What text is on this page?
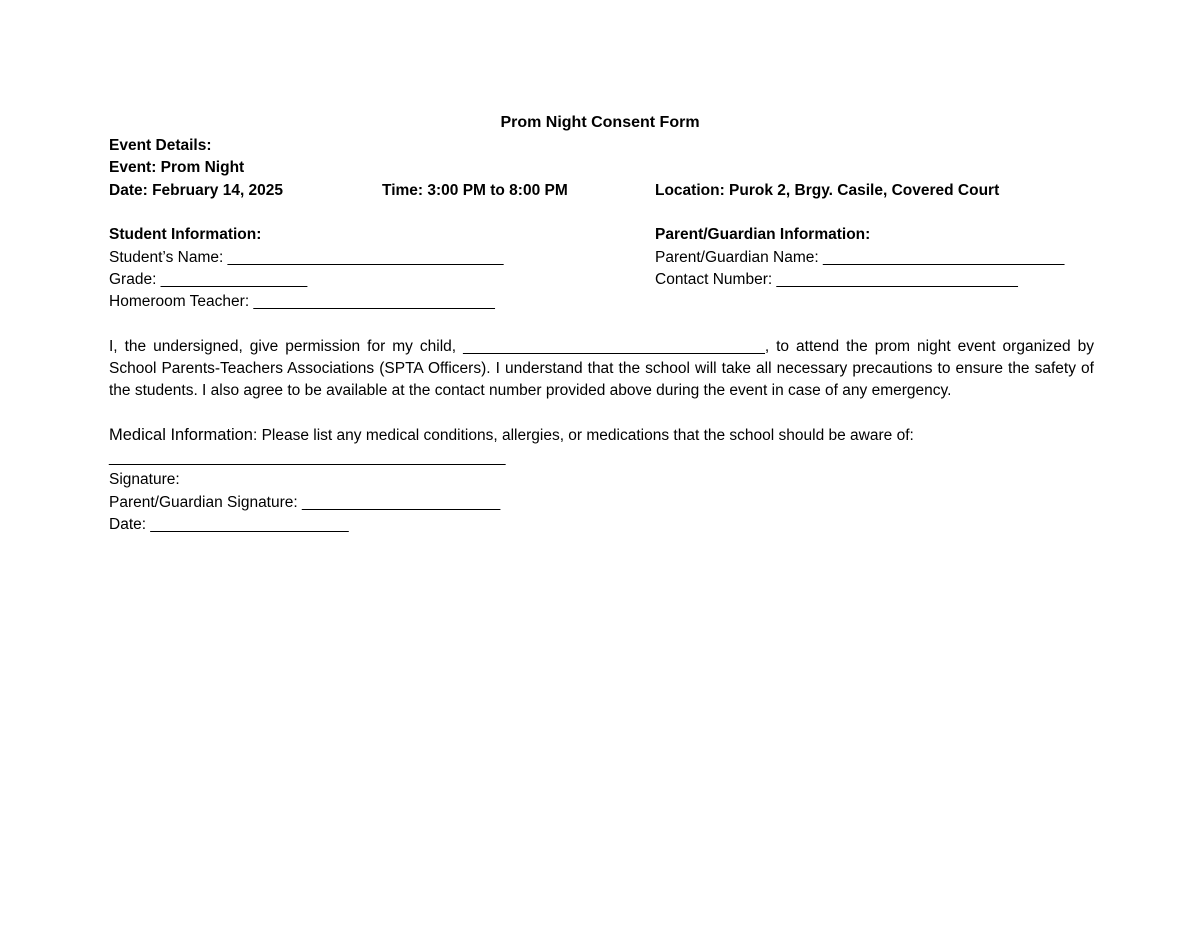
Prom Night Consent Form
Event Details:
Event: Prom Night
Date: February 14, 2025	Time: 3:00 PM to 8:00 PM	Location: Purok 2, Brgy. Casile, Covered Court
Student Information:
Student’s Name: ________________________________
Grade: _________________
Homeroom Teacher: ____________________________
Parent/Guardian Information:
Parent/Guardian Name: ____________________________
Contact Number: ____________________________
I, the undersigned, give permission for my child, ___________________________________, to attend the prom night event organized by School Parents-Teachers Associations (SPTA Officers). I understand that the school will take all necessary precautions to ensure the safety of the students. I also agree to be available at the contact number provided above during the event in case of any emergency.
Medical Information: Please list any medical conditions, allergies, or medications that the school should be aware of:
______________________________________________
Signature:
Parent/Guardian Signature: _______________________
Date: _______________________
